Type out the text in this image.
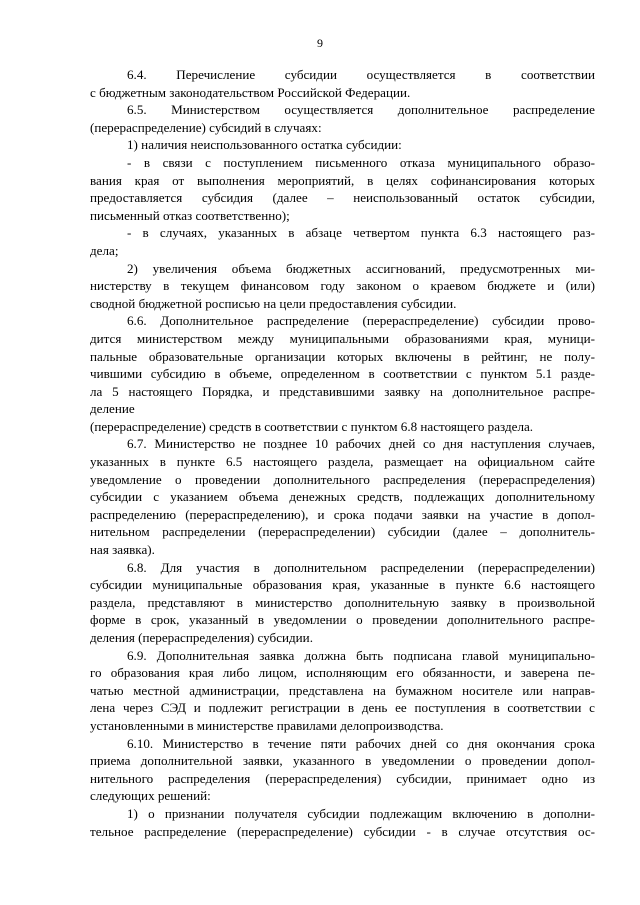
9
6.4. Перечисление субсидии осуществляется в соответствии
с бюджетным законодательством Российской Федерации.
6.5. Министерством осуществляется дополнительное распределение
(перераспределение) субсидий в случаях:
1) наличия неиспользованного остатка субсидии:
- в связи с поступлением письменного отказа муниципального образо-
вания края от выполнения мероприятий, в целях софинансирования которых
предоставляется субсидия (далее – неиспользованный остаток субсидии,
письменный отказ соответственно);
- в случаях, указанных в абзаце четвертом пункта 6.3 настоящего раз-
дела;
2) увеличения объема бюджетных ассигнований, предусмотренных ми-
нистерству в текущем финансовом году законом о краевом бюджете и (или)
сводной бюджетной росписью на цели предоставления субсидии.
6.6. Дополнительное распределение (перераспределение) субсидии прово-
дится министерством между муниципальными образованиями края, муници-
пальные образовательные организации которых включены в рейтинг, не полу-
чившими субсидию в объеме, определенном в соответствии с пунктом 5.1 разде-
ла 5 настоящего Порядка, и представившими заявку на дополнительное распре-
деление
(перераспределение) средств в соответствии с пунктом 6.8 настоящего раздела.
6.7. Министерство не позднее 10 рабочих дней со дня наступления случаев,
указанных в пункте 6.5 настоящего раздела, размещает на официальном сайте
уведомление о проведении дополнительного распределения (перераспределения)
субсидии с указанием объема денежных средств, подлежащих дополнительному
распределению (перераспределению), и срока подачи заявки на участие в допол-
нительном распределении (перераспределении) субсидии (далее – дополнитель-
ная заявка).
6.8. Для участия в дополнительном распределении (перераспределении)
субсидии муниципальные образования края, указанные в пункте 6.6 настоящего
раздела, представляют в министерство дополнительную заявку в произвольной
форме в срок, указанный в уведомлении о проведении дополнительного распре-
деления (перераспределения) субсидии.
6.9. Дополнительная заявка должна быть подписана главой муниципально-
го образования края либо лицом, исполняющим его обязанности, и заверена пе-
чатью местной администрации, представлена на бумажном носителе или направ-
лена через СЭД и подлежит регистрации в день ее поступления в соответствии с
установленными в министерстве правилами делопроизводства.
6.10. Министерство в течение пяти рабочих дней со дня окончания срока
приема дополнительной заявки, указанного в уведомлении о проведении допол-
нительного распределения (перераспределения) субсидии, принимает одно из
следующих решений:
1) о признании получателя субсидии подлежащим включению в дополни-
тельное распределение (перераспределение) субсидии - в случае отсутствия ос-
